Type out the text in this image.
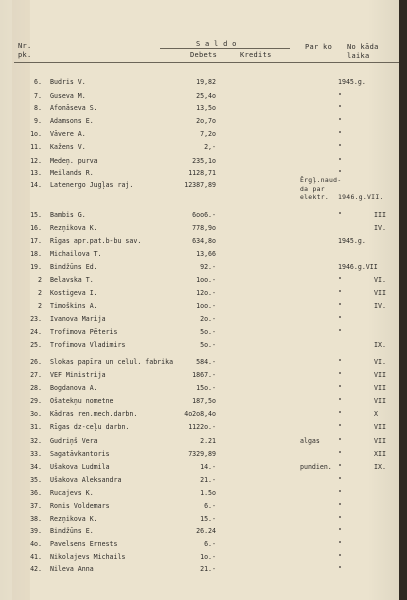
Nr.
pk.
S a l d o
Debets	Kredits
Par ko No kāda
laika
6. Budris V.	19,82	1945.g.
7. Guseva M.	25,4o	"
8. Afonāseva S.	13,5o	"
9. Adamsons E.	2o,7o	"
1o. Vāvere A.	7,2o	"
11. Kažens V.	2,-	"
12. Medeņ. purva	235,1o	"
13. Meilands R.	1128,71	"
14. Latenergo Jugļas raj.	12387,89
15. Bambis G.	6oo6.-	"	III
16. Rezņikova K.	778,9o	IV.
17. Rīgas apr.pat.b-bu sav.	634,8o	1945.g.
18. Michailova T.	13,66
19. Bindžūns Ed.	92.-	1946.g.VII
2 Belavska T.	1oo.-	"	VI.
2 Kostigeva I.	12o.-	"	VII
2 Timoškins A.	1oo.-	"	IV.
23. Ivanova Marija	2o.-	"
24. Trofimova Pēteris	5o.-	"
25. Trofimova Vladimirs	5o.-	IX.
26. Slokas papīra un celul. fabrika	584.-	"	VI.
27. VEF Ministrija	1867.-	"	VII
28. Bogdanova A.	15o.-	"	VII
29. Ošatekņu nometne	187,5o	"	VII
3o. Kādras ren.mech.darbn.	4o2o8,4o	"	X
31. Rīgas dz-ceļu darbn.	1122o.-	"	VII
32. Gudriņš Vera	2.21	algas	"	VII
33. Sagatāvkantoris	7329,89	"	XII
34. Ušakova Ludmila	14.-	pundien. "	IX.
35. Ušakova Aleksandra	21.-	"
36. Rucajevs K.	1.5o	"
37. Ronis Voldemars	6.-	"
38. Rezņikova K.	15.-	"
39. Bindžūns E.	26.24	"
4o. Pavelsens Ernests	6.-	"
41. Nikolajevs Michails	1o.-	"
42. Nileva Anna	21.-	"
Ērgļ.naud-
da par
elektr. 1946.g.VII.
